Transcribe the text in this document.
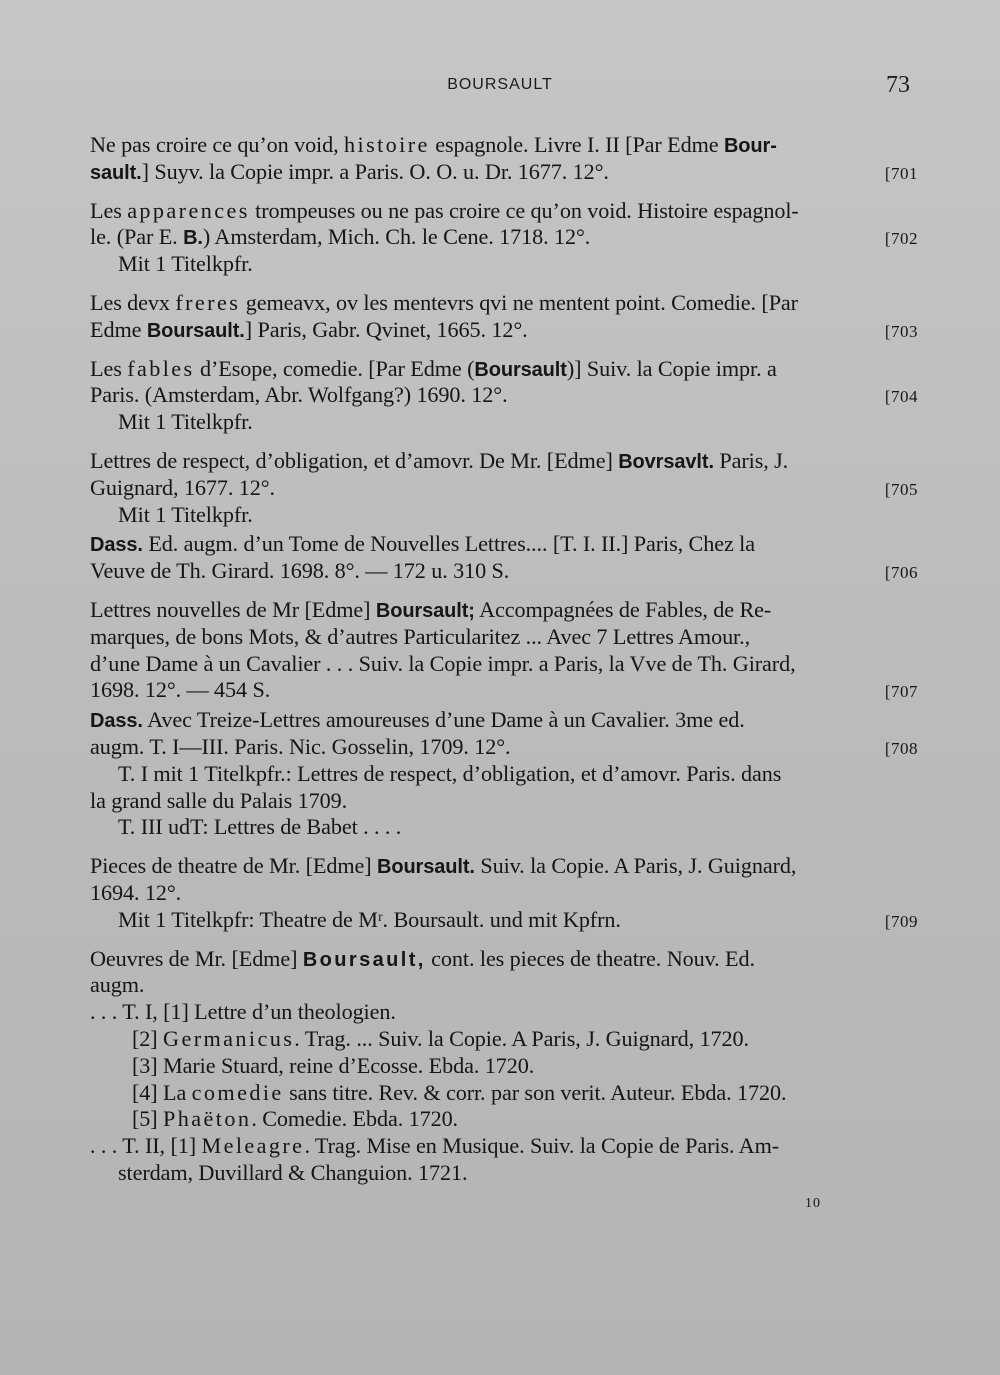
BOURSAULT	73
Ne pas croire ce qu’on void, histoire espagnole. Livre I. II [Par Edme Bour-
sault.] Suyv. la Copie impr. a Paris. O. O. u. Dr. 1677. 12°.	[701
Les apparences trompeuses ou ne pas croire ce qu’on void. Histoire espagnol-
le. (Par E. B.) Amsterdam, Mich. Ch. le Cene. 1718. 12°.	[702
Mit 1 Titelkpfr.
Les devx freres gemeavx, ov les mentevrs qvi ne mentent point. Comedie. [Par
Edme Boursault.] Paris, Gabr. Qvinet, 1665. 12°.	[703
Les fables d’Esope, comedie. [Par Edme (Boursault)] Suiv. la Copie impr. a
Paris. (Amsterdam, Abr. Wolfgang?) 1690. 12°.	[704
Mit 1 Titelkpfr.
Lettres de respect, d’obligation, et d’amovr. De Mr. [Edme] Bovrsavlt. Paris, J.
Guignard, 1677. 12°.	[705
Mit 1 Titelkpfr.
Dass. Ed. augm. d’un Tome de Nouvelles Lettres.... [T. I. II.] Paris, Chez la
Veuve de Th. Girard. 1698. 8°. — 172 u. 310 S.	[706
Lettres nouvelles de Mr [Edme] Boursault; Accompagnées de Fables, de Re-
marques, de bons Mots, & d’autres Particularitez ... Avec 7 Lettres Amour.,
d’une Dame à un Cavalier . . . Suiv. la Copie impr. a Paris, la Vve de Th. Girard,
1698. 12°. — 454 S.	[707
Dass. Avec Treize-Lettres amoureuses d’une Dame à un Cavalier. 3me ed.
augm. T. I—III. Paris. Nic. Gosselin, 1709. 12°.	[708
T. I mit 1 Titelkpfr.: Lettres de respect, d’obligation, et d’amovr. Paris. dans
la grand salle du Palais 1709.
T. III udT: Lettres de Babet . . . .
Pieces de theatre de Mr. [Edme] Boursault. Suiv. la Copie. A Paris, J. Guignard,
1694. 12°.
Mit 1 Titelkpfr: Theatre de Mʳ. Boursault. und mit Kpfrn.	[709
Oeuvres de Mr. [Edme] Boursault, cont. les pieces de theatre. Nouv. Ed.
augm.
. . . T. I, [1] Lettre d’un theologien.
[2] Germanicus. Trag. ... Suiv. la Copie. A Paris, J. Guignard, 1720.
[3] Marie Stuard, reine d’Ecosse. Ebda. 1720.
[4] La comedie sans titre. Rev. & corr. par son verit. Auteur. Ebda. 1720.
[5] Phaëton. Comedie. Ebda. 1720.
. . . T. II, [1] Meleagre. Trag. Mise en Musique. Suiv. la Copie de Paris. Am-
sterdam, Duvillard & Changuion. 1721.
10
